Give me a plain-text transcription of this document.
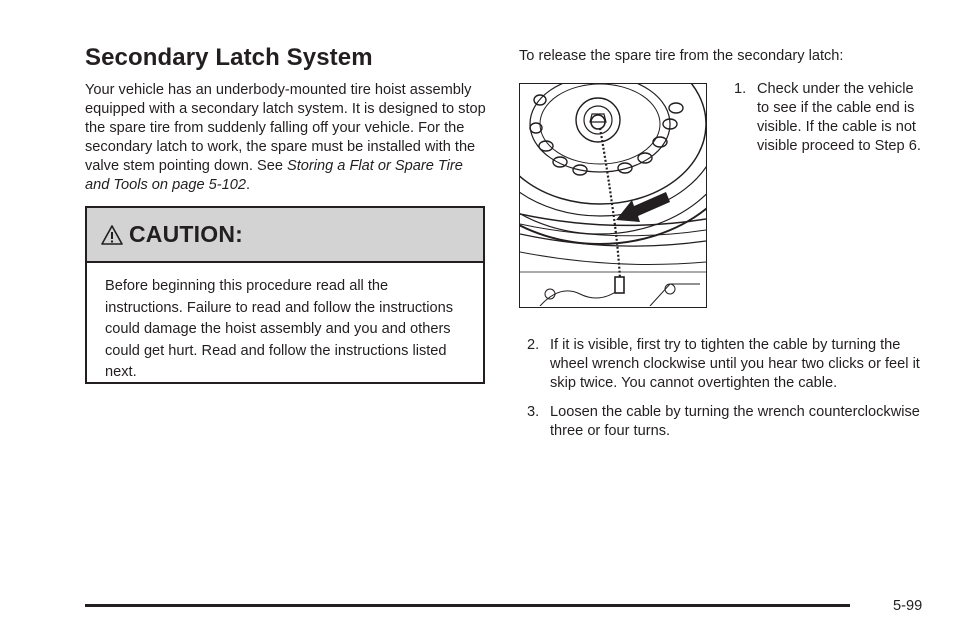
Secondary Latch System

Your vehicle has an underbody-mounted tire hoist assembly equipped with a secondary latch system. It is designed to stop the spare tire from suddenly falling off your vehicle. For the secondary latch to work, the spare must be installed with the valve stem pointing down. See Storing a Flat or Spare Tire and Tools on page 5-102.

CAUTION:
Before beginning this procedure read all the instructions. Failure to read and follow the instructions could damage the hoist assembly and you and others could get hurt. Read and follow the instructions listed next.

To release the spare tire from the secondary latch:

1. Check under the vehicle to see if the cable end is visible. If the cable is not visible proceed to Step 6.
2. If it is visible, first try to tighten the cable by turning the wheel wrench clockwise until you hear two clicks or feel it skip twice. You cannot overtighten the cable.
3. Loosen the cable by turning the wrench counterclockwise three or four turns.
5-99
